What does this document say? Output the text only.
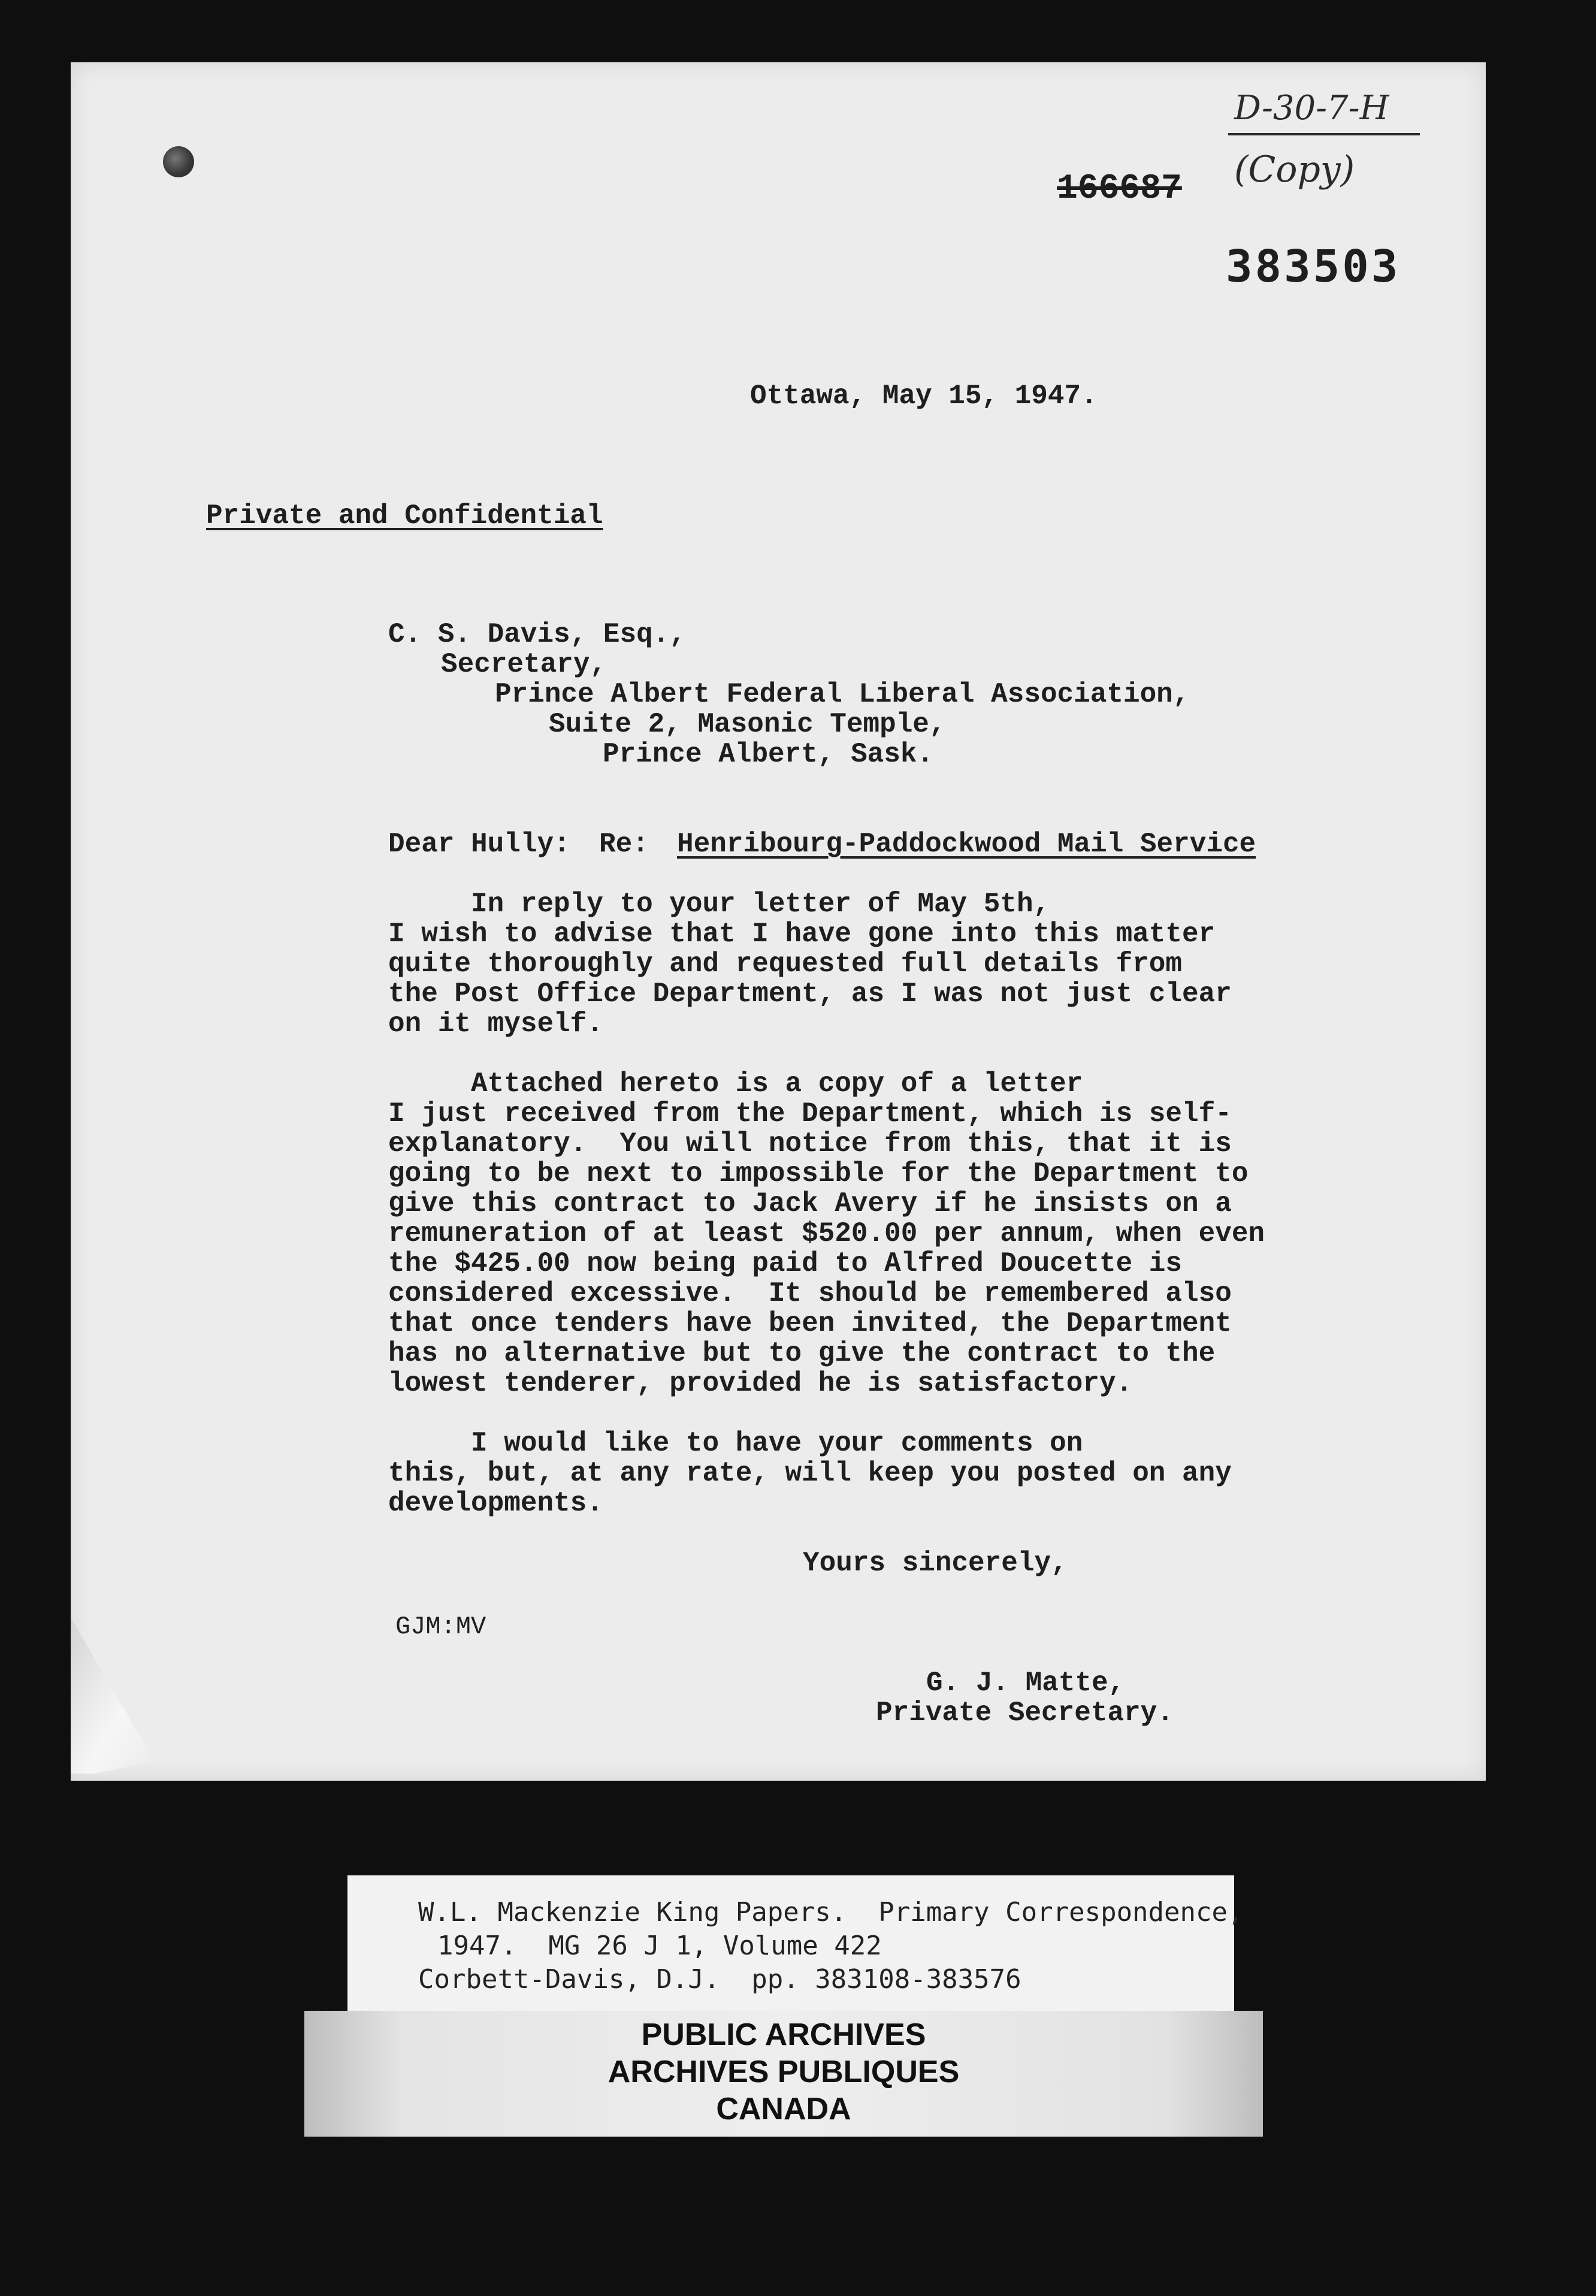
D-30-7-H
(Copy)
166687
383503
Ottawa, May 15, 1947.
Private and Confidential
C. S. Davis, Esq.,
Secretary,
Prince Albert Federal Liberal Association,
Suite 2, Masonic Temple,
Prince Albert, Sask.
Dear Hully: Re: Henribourg-Paddockwood Mail Service
In reply to your letter of May 5th,
I wish to advise that I have gone into this matter
quite thoroughly and requested full details from
the Post Office Department, as I was not just clear
on it myself.
Attached hereto is a copy of a letter
I just received from the Department, which is self-
explanatory.  You will notice from this, that it is
going to be next to impossible for the Department to
give this contract to Jack Avery if he insists on a
remuneration of at least $520.00 per annum, when even
the $425.00 now being paid to Alfred Doucette is
considered excessive.  It should be remembered also
that once tenders have been invited, the Department
has no alternative but to give the contract to the
lowest tenderer, provided he is satisfactory.
I would like to have your comments on
this, but, at any rate, will keep you posted on any
developments.
Yours sincerely,
GJM:MV
G. J. Matte,
Private Secretary.
W.L. Mackenzie King Papers.  Primary Correspondence,
1947.  MG 26 J 1, Volume 422
Corbett-Davis, D.J.  pp. 383108-383576
PUBLIC ARCHIVES
ARCHIVES PUBLIQUES
CANADA
